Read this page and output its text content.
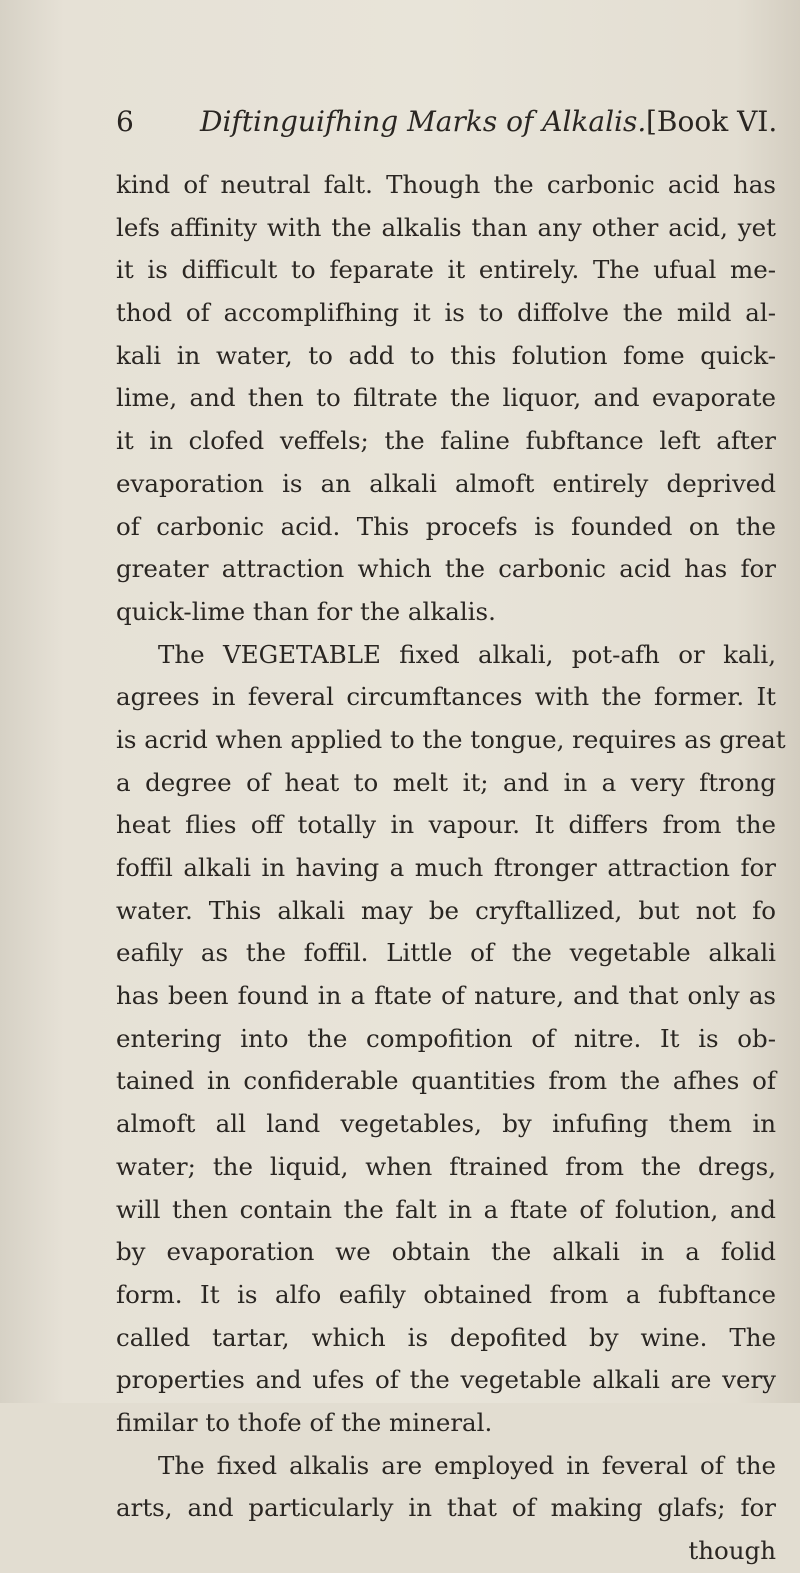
6 Diftinguifhing Marks of Alkalis. [Book VI.
kind of neutral falt. Though the carbonic acid has
lefs affinity with the alkalis than any other acid, yet
it is difficult to feparate it entirely. The ufual me-
thod of accomplifhing it is to diffolve the mild al-
kali in water, to add to this folution fome quick-
lime, and then to filtrate the liquor, and evaporate
it in clofed veffels; the faline fubftance left after
evaporation is an alkali almoft entirely deprived
of carbonic acid. This procefs is founded on the
greater attraction which the carbonic acid has for
quick-lime than for the alkalis.
The VEGETABLE fixed alkali, pot-afh or kali,
agrees in feveral circumftances with the former. It
is acrid when applied to the tongue, requires as great
a degree of heat to melt it; and in a very ftrong
heat flies off totally in vapour. It differs from the
foffil alkali in having a much ftronger attraction for
water. This alkali may be cryftallized, but not fo
eafily as the foffil. Little of the vegetable alkali
has been found in a ftate of nature, and that only as
entering into the compofition of nitre. It is ob-
tained in confiderable quantities from the afhes of
almoft all land vegetables, by infufing them in
water; the liquid, when ftrained from the dregs,
will then contain the falt in a ftate of folution, and
by evaporation we obtain the alkali in a folid
form. It is alfo eafily obtained from a fubftance
called tartar, which is depofited by wine. The
properties and ufes of the vegetable alkali are very
fimilar to thofe of the mineral.
The fixed alkalis are employed in feveral of the
arts, and particularly in that of making glafs; for
though
